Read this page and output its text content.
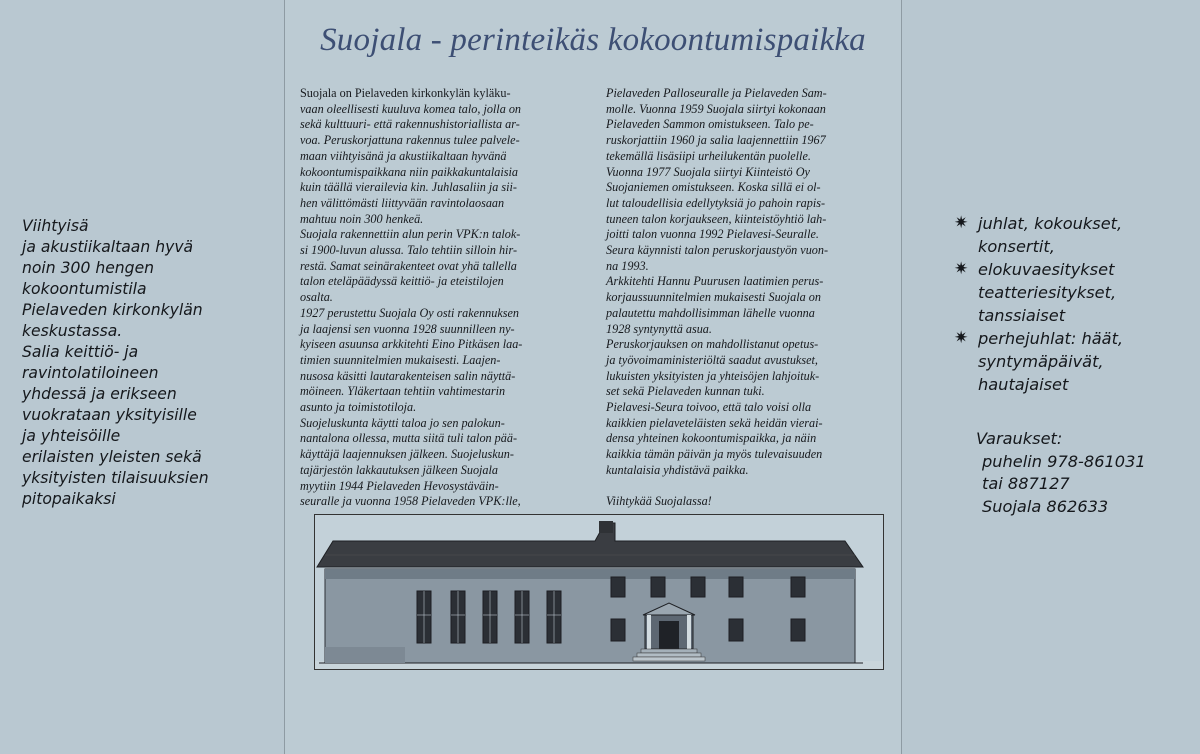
Viihtyisä
ja akustiikaltaan hyvä
noin 300 hengen
kokoontumistila
Pielaveden kirkonkylän
keskustassa.
Salia keittiö- ja
ravintolatiloineen
yhdessä ja erikseen
vuokrataan yksityisille
ja yhteisöille
erilaisten yleisten sekä
yksityisten tilaisuuksien
pitopaikaksi
Suojala - perinteikäs kokoontumispaikka
Suojala on Pielaveden kirkonkylän kyläku-
vaan oleellisesti kuuluva komea talo, jolla on
sekä kulttuuri- että rakennushistoriallista ar-
voa. Peruskorjattuna rakennus tulee palvele-
maan viihtyisänä ja akustiikaltaan hyvänä
kokoontumispaikkana niin paikkakuntalaisia
kuin täällä vierailevia kin. Juhlasaliin ja sii-
hen välittömästi liittyvään ravintolaosaan
mahtuu noin 300 henkeä.
Suojala rakennettiin alun perin VPK:n talok-
si 1900-luvun alussa. Talo tehtiin silloin hir-
restä. Samat seinärakenteet ovat yhä tallella
talon eteläpäädyssä keittiö- ja eteistilojen
osalta.
1927 perustettu Suojala Oy osti rakennuksen
ja laajensi sen vuonna 1928 suunnilleen ny-
kyiseen asuunsa arkkitehti Eino Pitkäsen laa-
timien suunnitelmien mukaisesti. Laajen-
nusosa käsitti lautarakenteisen salin näyttä-
möineen. Yläkertaan tehtiin vahtimestarin
asunto ja toimistotiloja.
Suojeluskunta käytti taloa jo sen palokun-
nantalona ollessa, mutta siitä tuli talon pää-
käyttäjä laajennuksen jälkeen. Suojeluskun-
tajärjestön lakkautuksen jälkeen Suojala
myytiin 1944 Pielaveden Hevosystäväin-
seuralle ja vuonna 1958 Pielaveden VPK:lle,
Pielaveden Palloseuralle ja Pielaveden Sam-
molle. Vuonna 1959 Suojala siirtyi kokonaan
Pielaveden Sammon omistukseen. Talo pe-
ruskorjattiin 1960 ja salia laajennettiin 1967
tekemällä lisäsiipi urheilukentän puolelle.
Vuonna 1977 Suojala siirtyi Kiinteistö Oy
Suojaniemen omistukseen. Koska sillä ei ol-
lut taloudellisia edellytyksiä jo pahoin rapis-
tuneen talon korjaukseen, kiinteistöyhtiö lah-
joitti talon vuonna 1992 Pielavesi-Seuralle.
Seura käynnisti talon peruskorjaustyön vuon-
na 1993.
Arkkitehti Hannu Puurusen laatimien perus-
korjaussuunnitelmien mukaisesti Suojala on
palautettu mahdollisimman lähelle vuonna
1928 syntynyttä asua.
Peruskorjauksen on mahdollistanut opetus-
ja työvoimaministeriöltä saadut avustukset,
lukuisten yksityisten ja yhteisöjen lahjoituk-
set sekä Pielaveden kunnan tuki.
Pielavesi-Seura toivoo, että talo voisi olla
kaikkien pielaveteläisten sekä heidän vierai-
densa yhteinen kokoontumispaikka, ja näin
kaikkia tämän päivän ja myös tulevaisuuden
kuntalaisia yhdistävä paikka.
Viihtykää Suojalassa!
✷ juhlat, kokoukset,
konsertit,
✷ elokuvaesitykset
teatteriesitykset,
tanssiaiset
✷ perhejuhlat: häät,
syntymäpäivät,
hautajaiset
Varaukset:
puhelin 978-861031
tai 887127
Suojala 862633
